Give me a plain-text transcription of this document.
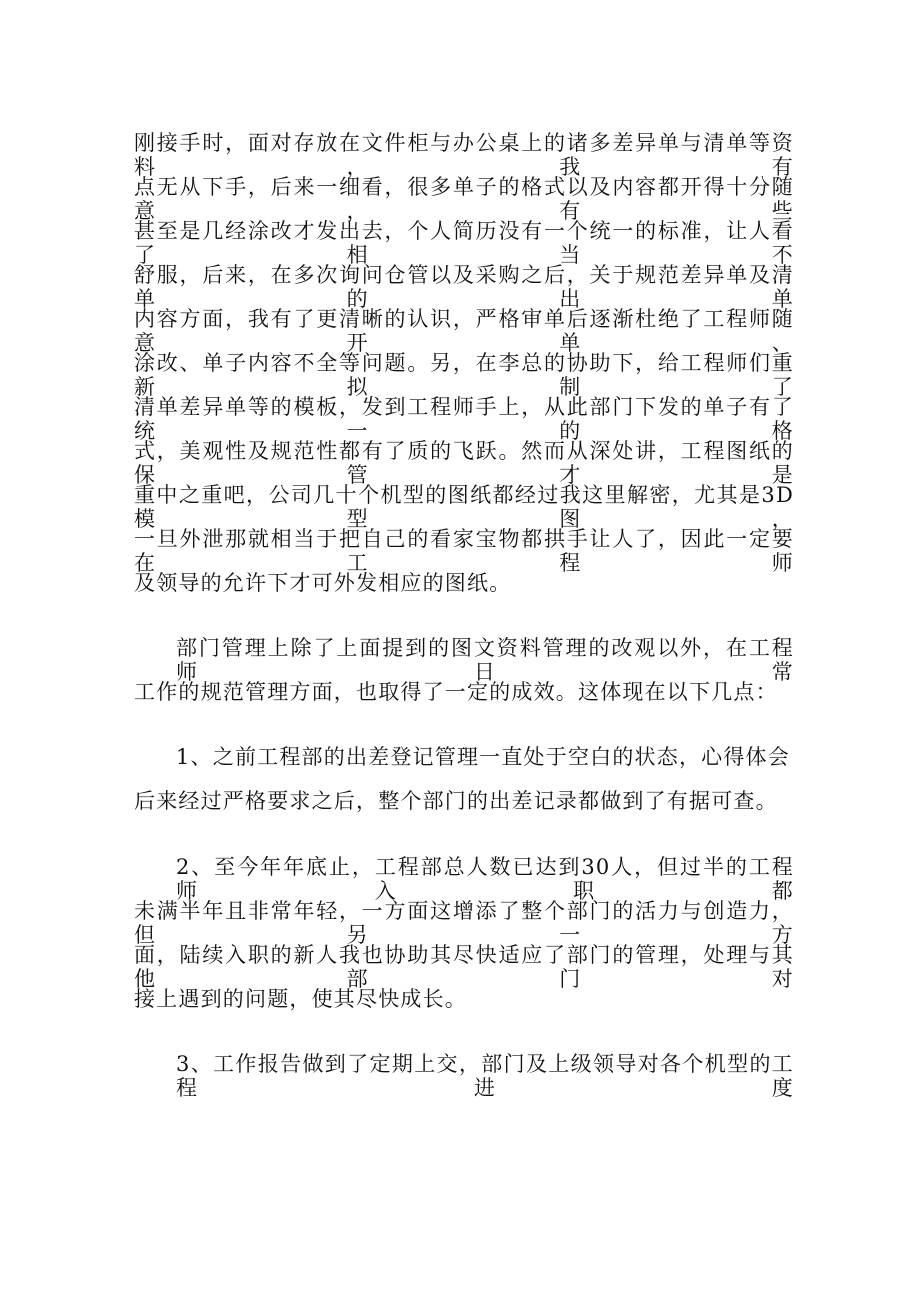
刚接手时，面对存放在文件柜与办公桌上的诸多差异单与清单等资料，我有
点无从下手，后来一细看，很多单子的格式以及内容都开得十分随意，有些
甚至是几经涂改才发出去，个人简历没有一个统一的标准，让人看了相当不
舒服，后来，在多次询问仓管以及采购之后，关于规范差异单及清单的出单
内容方面，我有了更清晰的认识，严格审单后逐渐杜绝了工程师随意开单、
涂改、单子内容不全等问题。另，在李总的协助下，给工程师们重新拟制了
清单差异单等的模板，发到工程师手上，从此部门下发的单子有了统一的格
式，美观性及规范性都有了质的飞跃。然而从深处讲，工程图纸的保管才是
重中之重吧，公司几十个机型的图纸都经过我这里解密，尤其是3D模型图，
一旦外泄那就相当于把自己的看家宝物都拱手让人了，因此一定要在工程师
及领导的允许下才可外发相应的图纸。
部门管理上除了上面提到的图文资料管理的改观以外，在工程师日常
工作的规范管理方面，也取得了一定的成效。这体现在以下几点：
1、之前工程部的出差登记管理一直处于空白的状态，心得体会
后来经过严格要求之后，整个部门的出差记录都做到了有据可查。
2、至今年年底止，工程部总人数已达到30人，但过半的工程师入职都
未满半年且非常年轻，一方面这增添了整个部门的活力与创造力，但另一方
面，陆续入职的新人我也协助其尽快适应了部门的管理，处理与其他部门对
接上遇到的问题，使其尽快成长。
3、工作报告做到了定期上交，部门及上级领导对各个机型的工程进度
